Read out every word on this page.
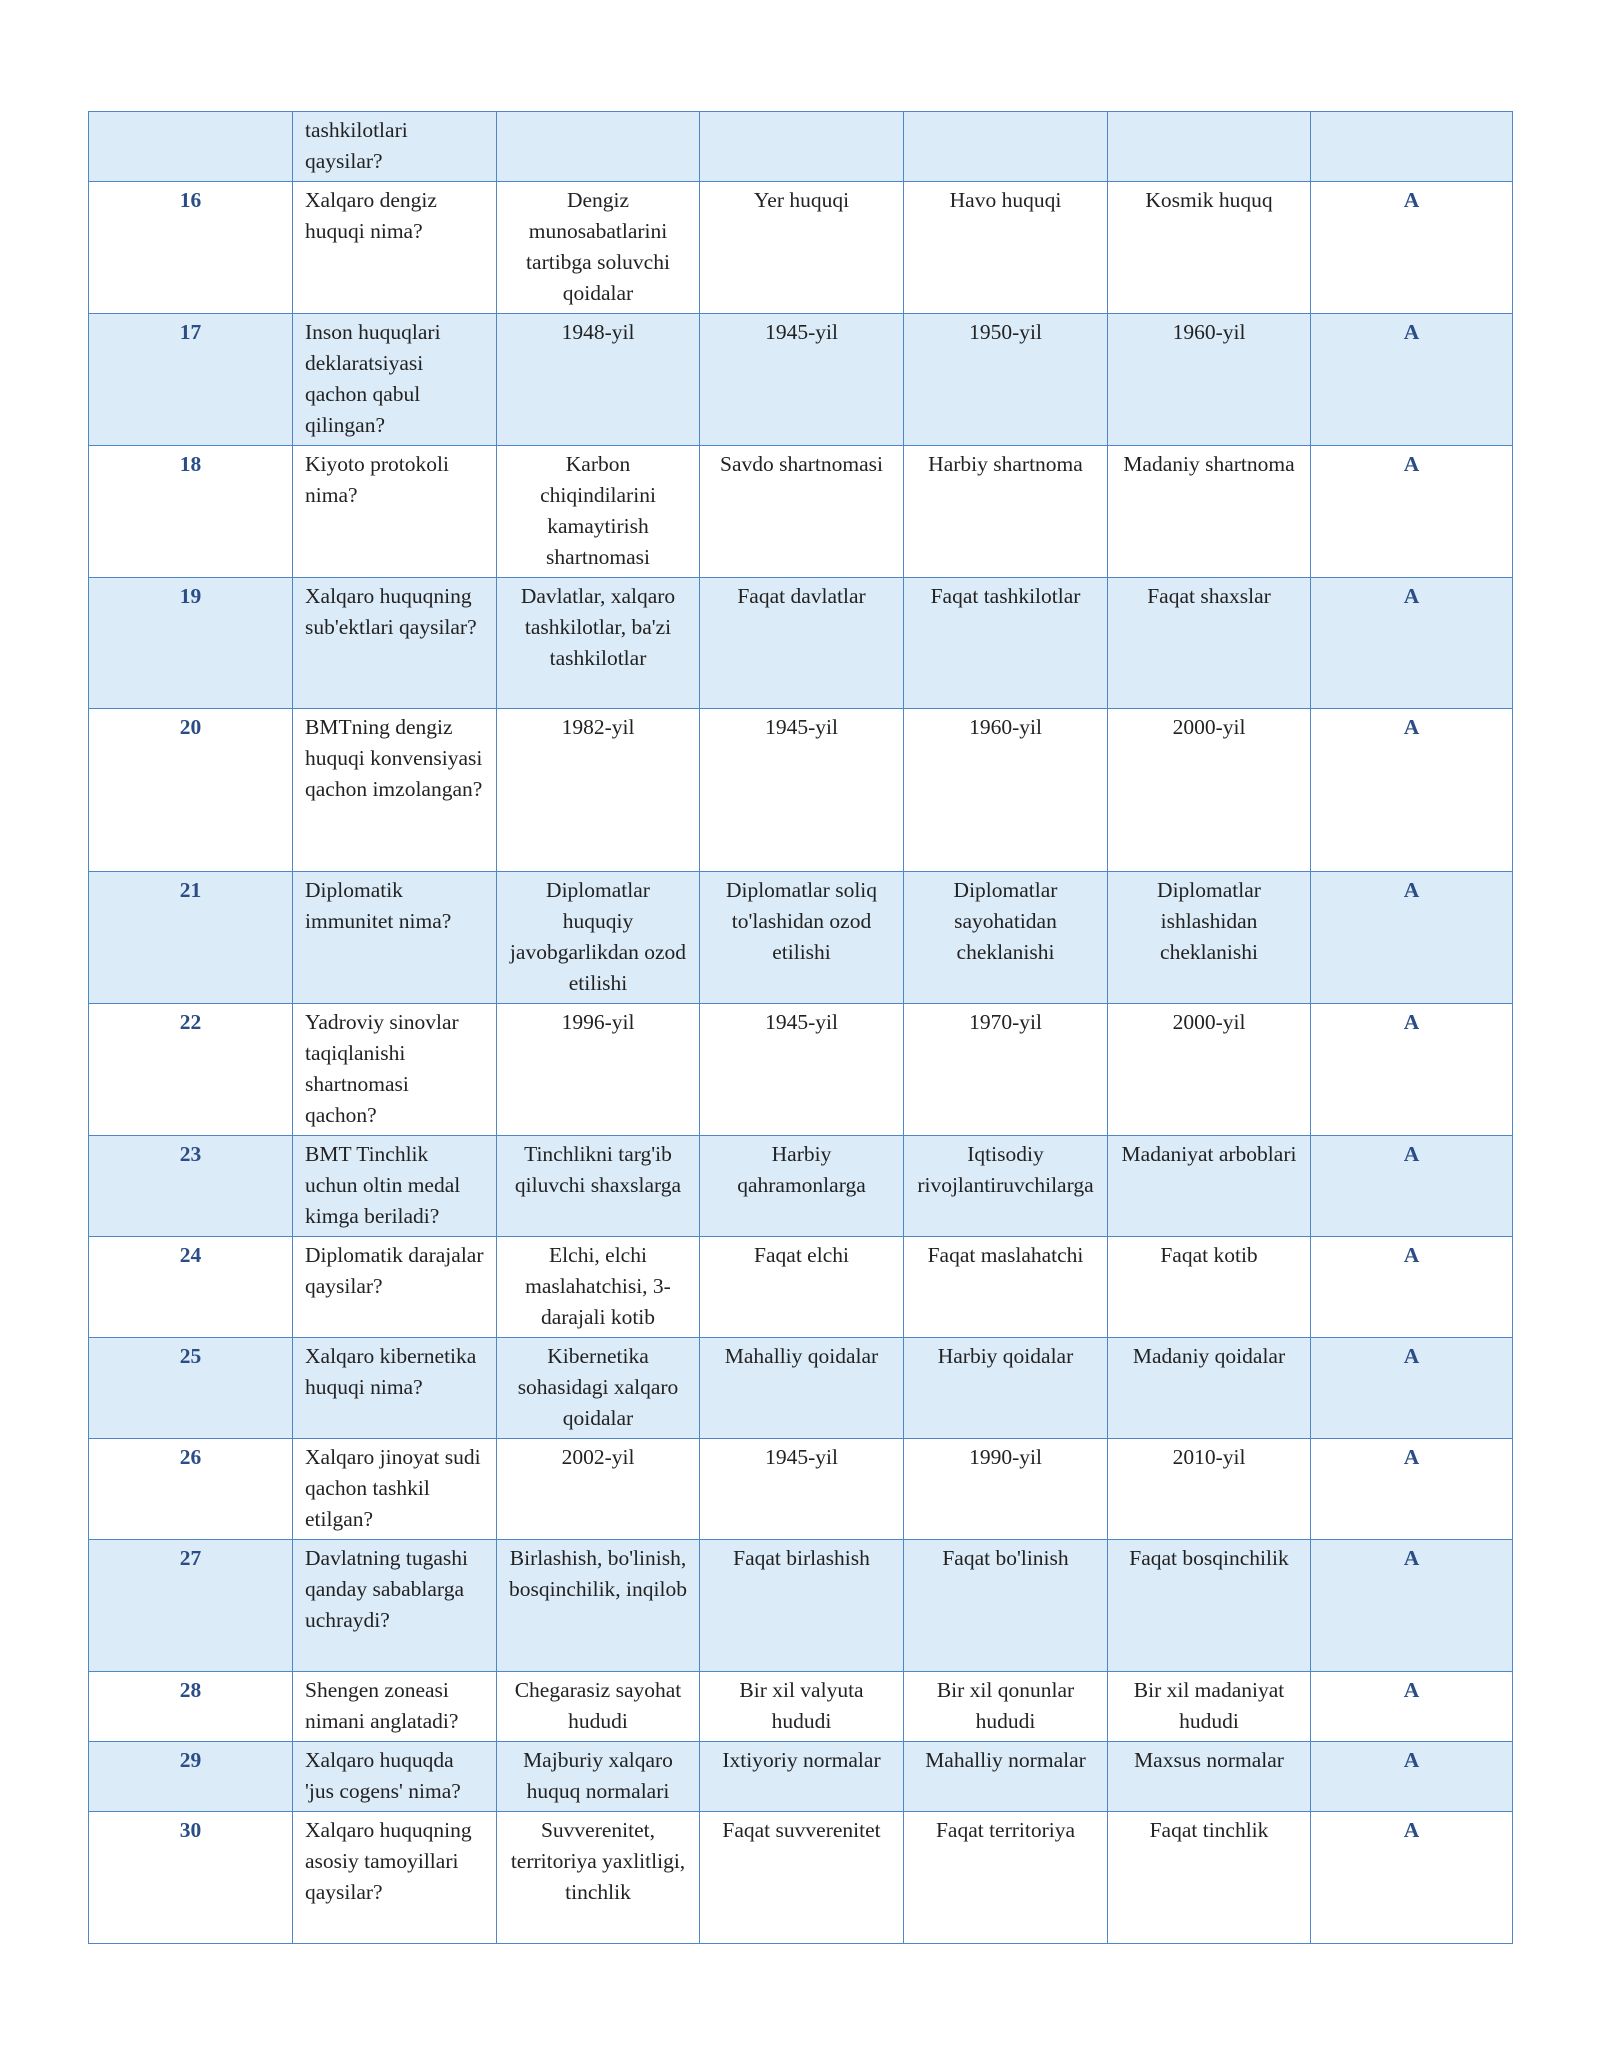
	tashkilotlari qaysilar?					
16	Xalqaro dengiz huquqi nima?	Dengiz munosabatlarini tartibga soluvchi qoidalar	Yer huquqi	Havo huquqi	Kosmik huquq	A
17	Inson huquqlari deklaratsiyasi qachon qabul qilingan?	1948-yil	1945-yil	1950-yil	1960-yil	A
18	Kiyoto protokoli nima?	Karbon chiqindilarini kamaytirish shartnomasi	Savdo shartnomasi	Harbiy shartnoma	Madaniy shartnoma	A
19	Xalqaro huquqning sub'ektlari qaysilar?	Davlatlar, xalqaro tashkilotlar, ba'zi tashkilotlar	Faqat davlatlar	Faqat tashkilotlar	Faqat shaxslar	A
20	BMTning dengiz huquqi konvensiyasi qachon imzolangan?	1982-yil	1945-yil	1960-yil	2000-yil	A
21	Diplomatik immunitet nima?	Diplomatlar huquqiy javobgarlikdan ozod etilishi	Diplomatlar soliq to'lashidan ozod etilishi	Diplomatlar sayohatidan cheklanishi	Diplomatlar ishlashidan cheklanishi	A
22	Yadroviy sinovlar taqiqlanishi shartnomasi qachon?	1996-yil	1945-yil	1970-yil	2000-yil	A
23	BMT Tinchlik uchun oltin medal kimga beriladi?	Tinchlikni targ'ib qiluvchi shaxslarga	Harbiy qahramonlarga	Iqtisodiy rivojlantiruvchilarga	Madaniyat arboblari	A
24	Diplomatik darajalar qaysilar?	Elchi, elchi maslahatchisi, 3-darajali kotib	Faqat elchi	Faqat maslahatchi	Faqat kotib	A
25	Xalqaro kibernetika huquqi nima?	Kibernetika sohasidagi xalqaro qoidalar	Mahalliy qoidalar	Harbiy qoidalar	Madaniy qoidalar	A
26	Xalqaro jinoyat sudi qachon tashkil etilgan?	2002-yil	1945-yil	1990-yil	2010-yil	A
27	Davlatning tugashi qanday sabablarga uchraydi?	Birlashish, bo'linish, bosqinchilik, inqilob	Faqat birlashish	Faqat bo'linish	Faqat bosqinchilik	A
28	Shengen zoneasi nimani anglatadi?	Chegarasiz sayohat hududi	Bir xil valyuta hududi	Bir xil qonunlar hududi	Bir xil madaniyat hududi	A
29	Xalqaro huquqda 'jus cogens' nima?	Majburiy xalqaro huquq normalari	Ixtiyoriy normalar	Mahalliy normalar	Maxsus normalar	A
30	Xalqaro huquqning asosiy tamoyillari qaysilar?	Suvverenitet, territoriya yaxlitligi, tinchlik	Faqat suvverenitet	Faqat territoriya	Faqat tinchlik	A
